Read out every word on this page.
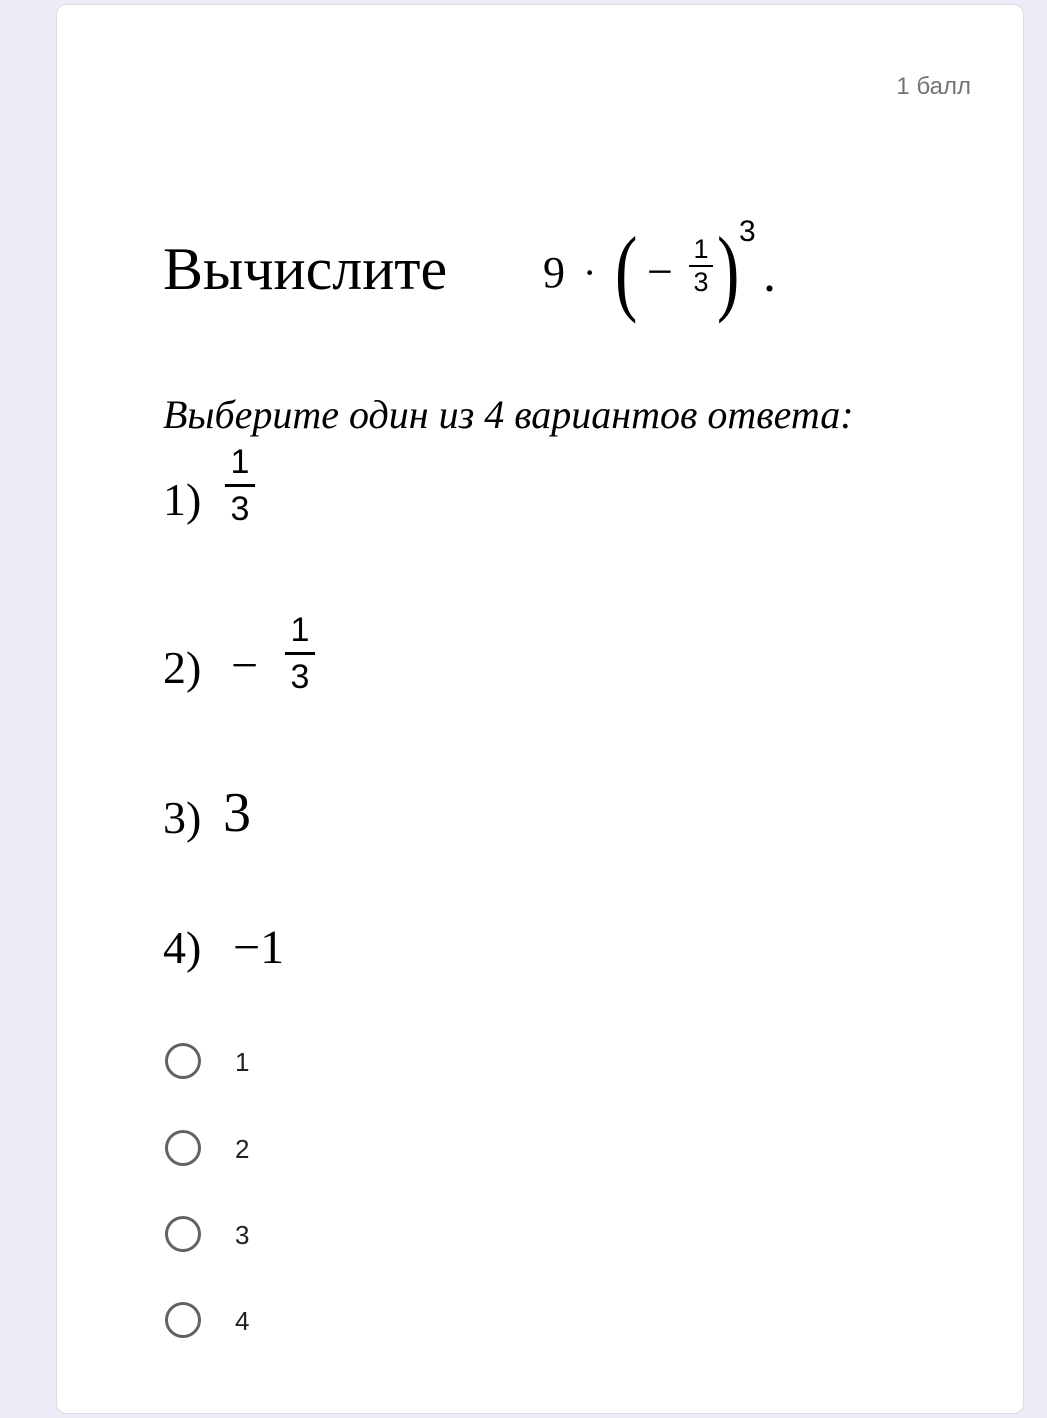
1 балл
Вычислите 9 · ( − 1
3 ) 3
.
Выберите один из 4 вариантов ответа:
1)
1
3
2) −
1
3
3) 3
4) −1
1
2
3
4
